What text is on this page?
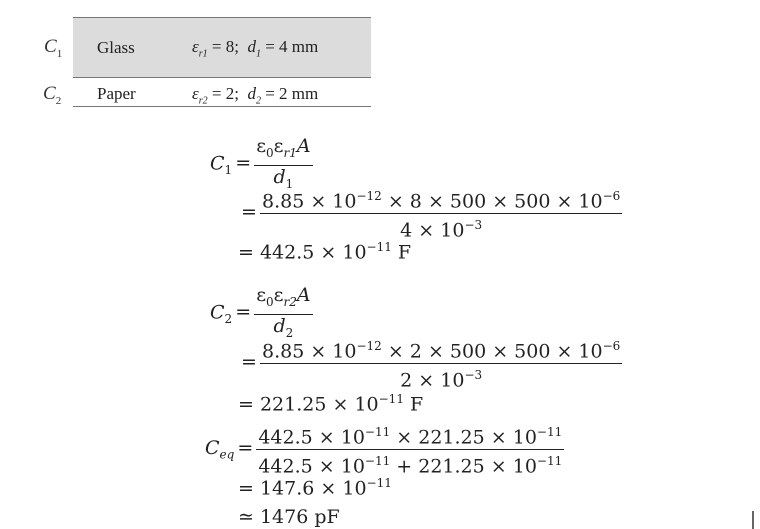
$C_1$ Glass	$\varepsilon_{r1} = 8$; $d_1 = 4$ mm
$C_2$ Paper	$\varepsilon_{r2} = 2$; $d_2 = 2$ mm
$C_1 = \frac{\varepsilon_0\varepsilon_{r1}A}{d_1}$
= $\frac{8.85 \times 10^{-12} \times 8 \times 500 \times 500 \times 10^{-6}}{4 \times 10^{-3}}$
= $442.5 \times 10^{-11}$ F
$C_2 = \frac{\varepsilon_0\varepsilon_{r2}A}{d_2}$
= $\frac{8.85 \times 10^{-12} \times 2 \times 500 \times 500 \times 10^{-6}}{2 \times 10^{-3}}$
= $221.25 \times 10^{-11}$ F
$C_{eq} = \frac{442.5 \times 10^{-11} \times 221.25 \times 10^{-11}}{442.5 \times 10^{-11} + 221.25 \times 10^{-11}}$
= $147.6 \times 10^{-11}$
≃ 1476 pF
